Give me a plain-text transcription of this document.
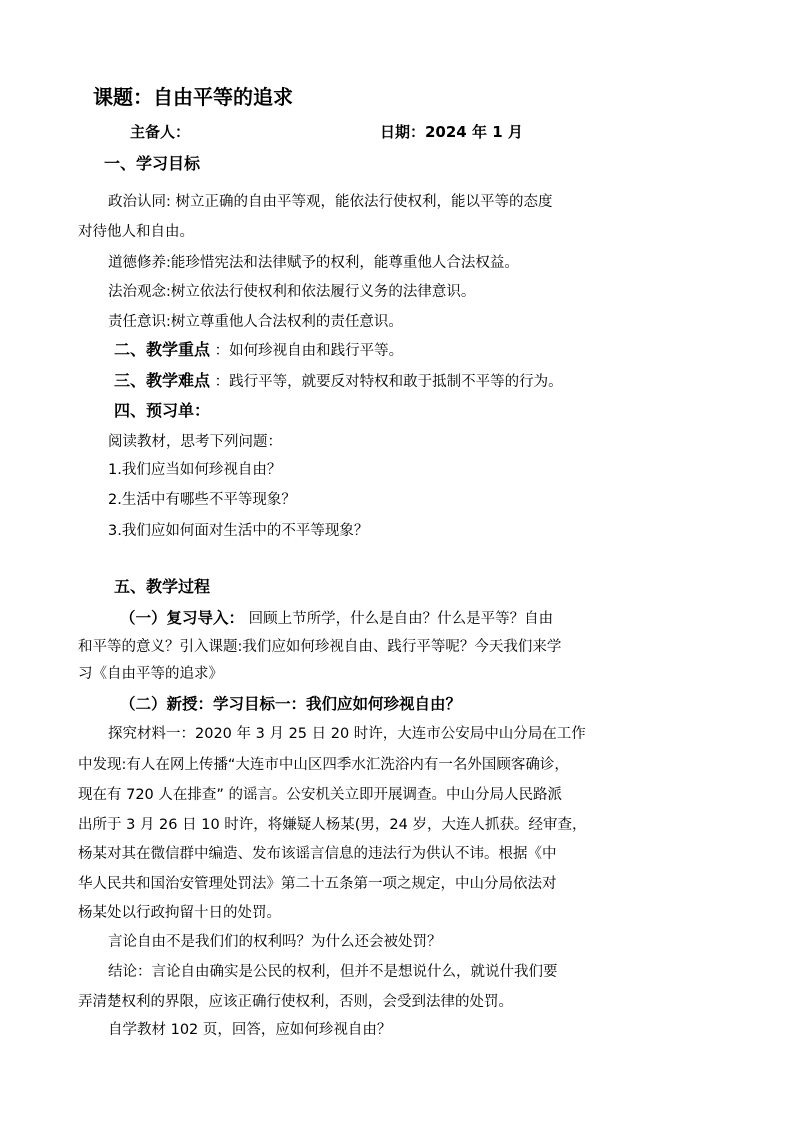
课题：自由平等的追求
主备人：	日期：2024 年 1 月
一、学习目标
政治认同: 树立正确的自由平等观，能依法行使权利，能以平等的态度
对待他人和自由。
道德修养:能珍惜宪法和法律赋予的权利，能尊重他人合法权益。
法治观念:树立依法行使权利和依法履行义务的法律意识。
责任意识:树立尊重他人合法权利的责任意识。
二、教学重点 ：如何珍视自由和践行平等。
三、教学难点 ：践行平等，就要反对特权和敢于抵制不平等的行为。
四、预习单：
阅读教材，思考下列问题：
1.我们应当如何珍视自由？
2.生活中有哪些不平等现象？
3.我们应如何面对生活中的不平等现象？
五、教学过程
（一）复习导入： 回顾上节所学，什么是自由？什么是平等？自由
和平等的意义？引入课题:我们应如何珍视自由、践行平等呢？今天我们来学
习《自由平等的追求》
（二）新授：学习目标一：我们应如何珍视自由？
探究材料一：2020 年 3 月 25 日 20 时许，大连市公安局中山分局在工作
中发现:有人在网上传播“大连市中山区四季水汇洗浴内有一名外国顾客确诊，
现在有 720 人在排查” 的谣言。公安机关立即开展调查。中山分局人民路派
出所于 3 月 26 日 10 时许，将嫌疑人杨某(男，24 岁，大连人抓获。经审查，
杨某对其在微信群中编造、发布该谣言信息的违法行为供认不讳。根据《中
华人民共和国治安管理处罚法》第二十五条第一项之规定，中山分局依法对
杨某处以行政拘留十日的处罚。
言论自由不是我们们的权利吗？为什么还会被处罚？
结论：言论自由确实是公民的权利，但并不是想说什么，就说什我们要
弄清楚权利的界限，应该正确行使权利，否则，会受到法律的处罚。
自学教材 102 页，回答，应如何珍视自由？
